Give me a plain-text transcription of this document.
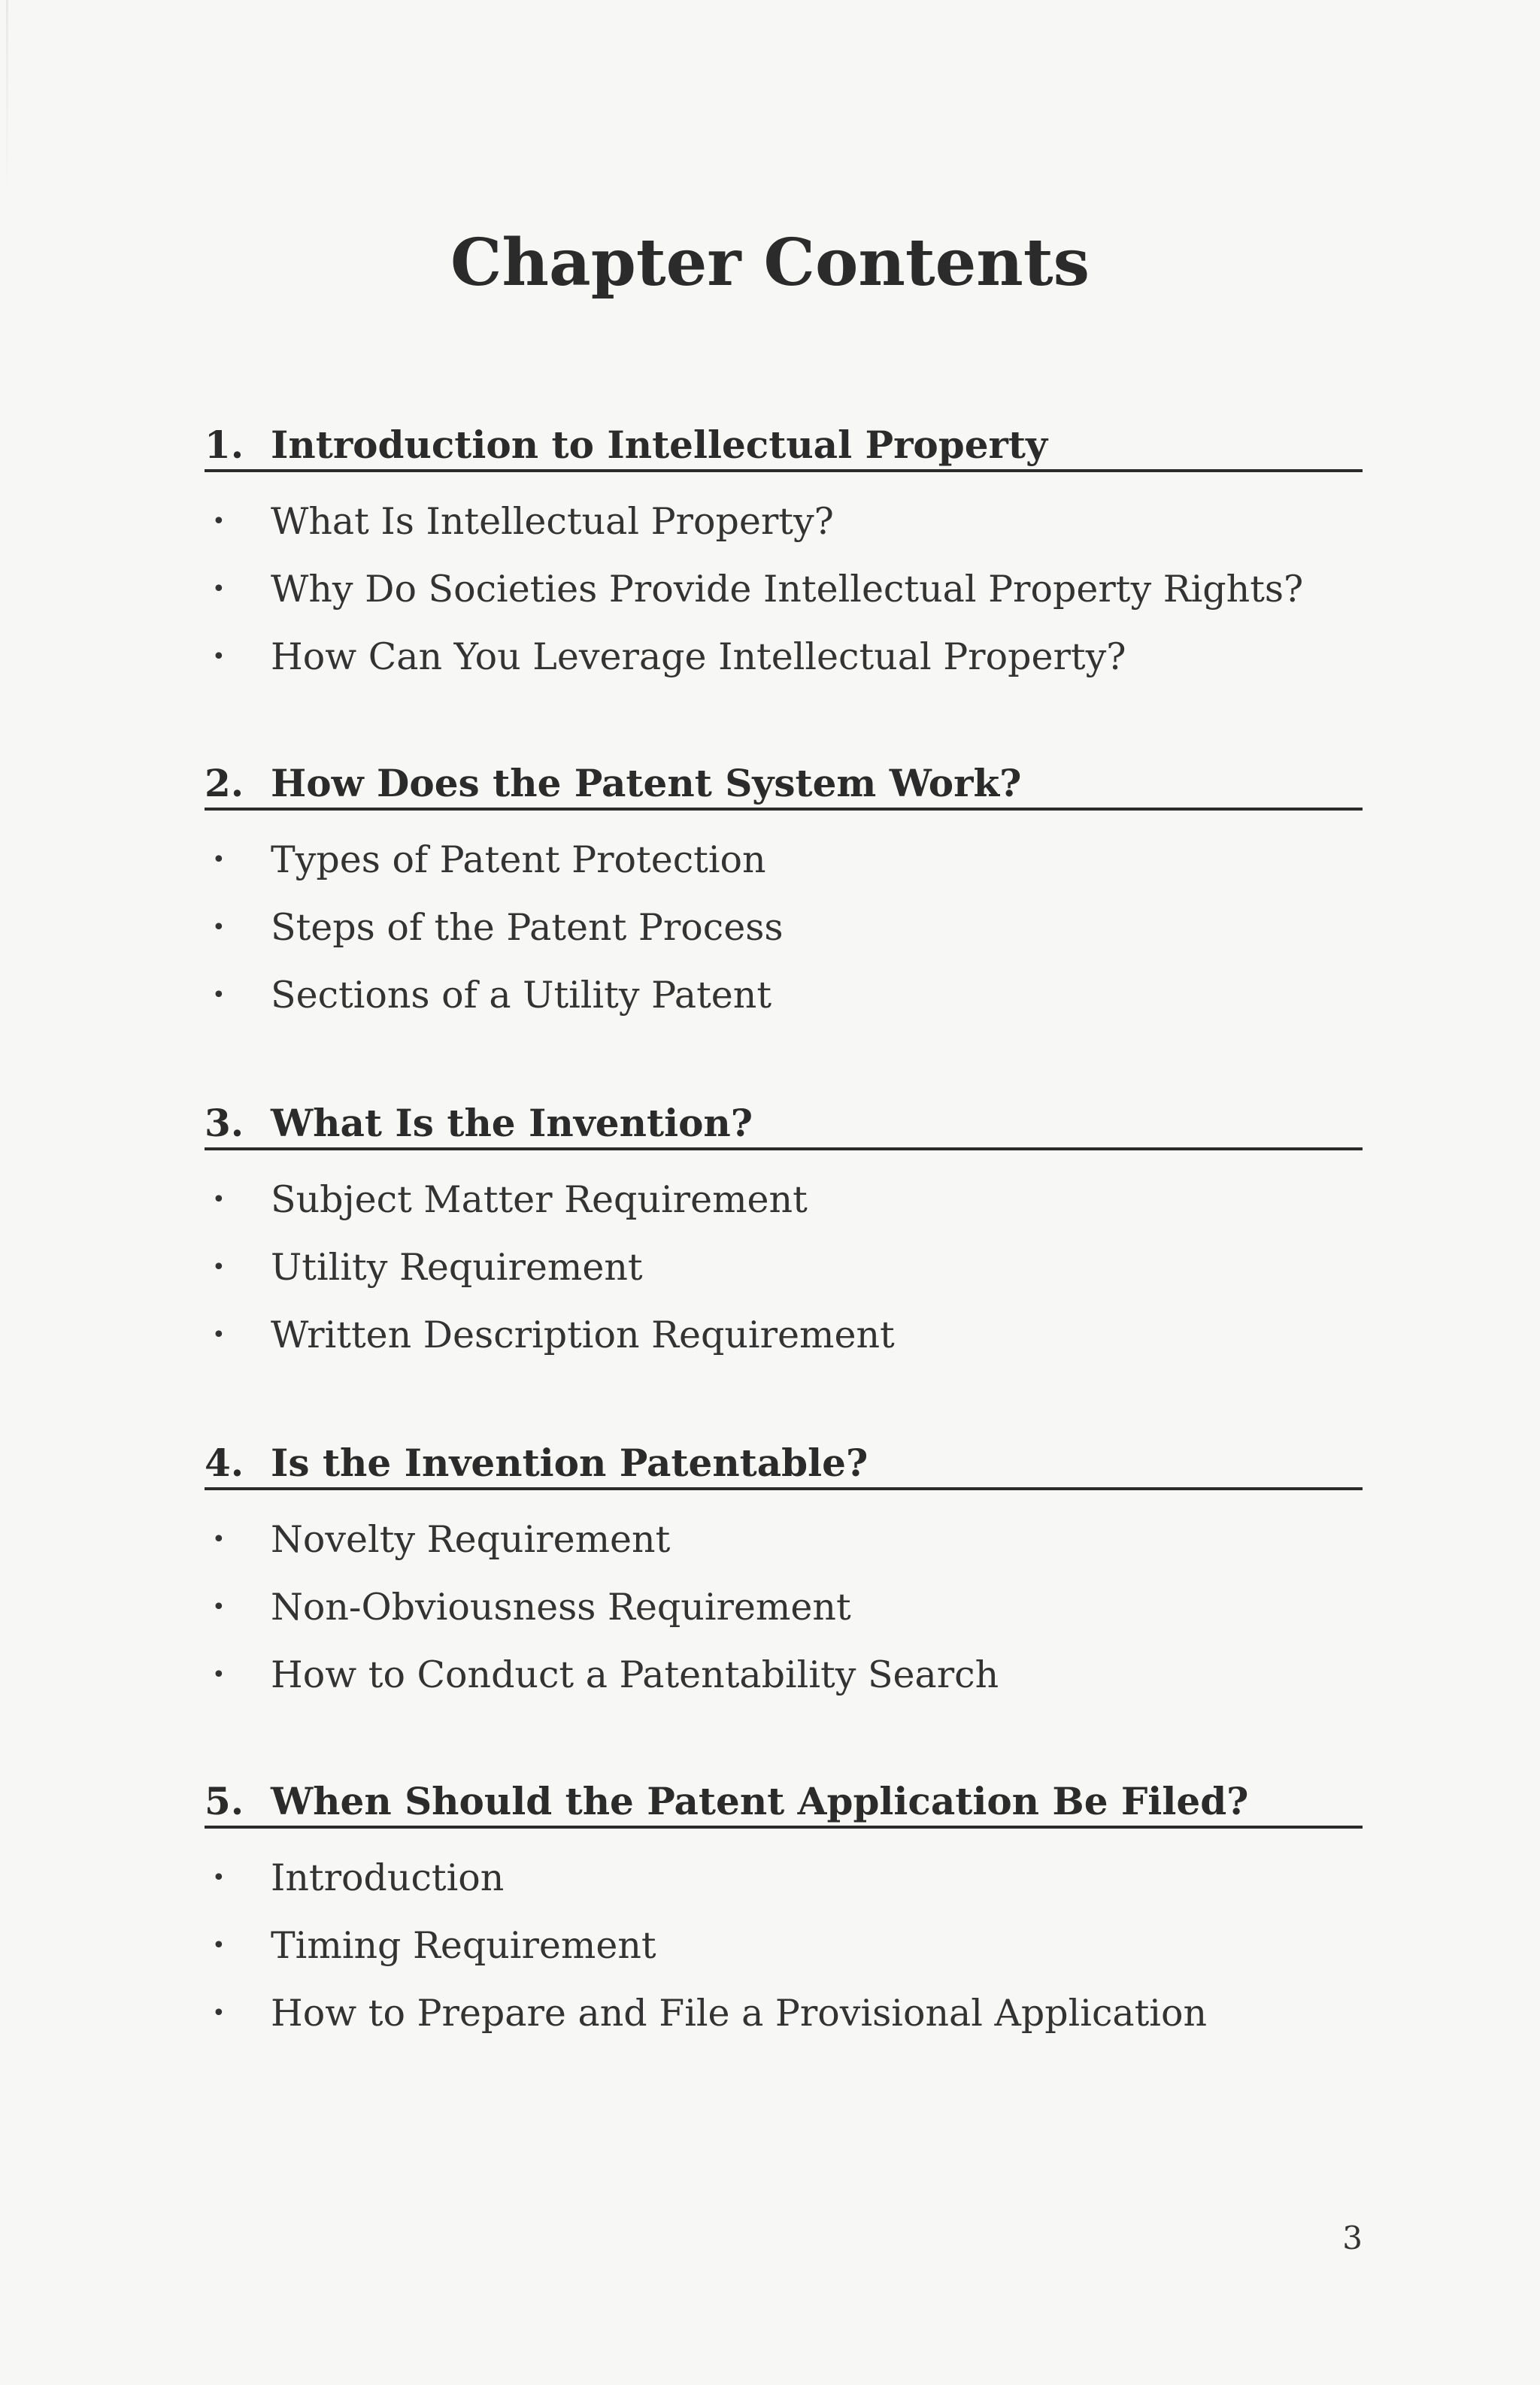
Chapter Contents
1. Introduction to Intellectual Property
•	What Is Intellectual Property?
•	Why Do Societies Provide Intellectual Property Rights?
•	How Can You Leverage Intellectual Property?
2. How Does the Patent System Work?
•	Types of Patent Protection
•	Steps of the Patent Process
•	Sections of a Utility Patent
3. What Is the Invention?
•	Subject Matter Requirement
•	Utility Requirement
•	Written Description Requirement
4. Is the Invention Patentable?
•	Novelty Requirement
•	Non-Obviousness Requirement
•	How to Conduct a Patentability Search
5. When Should the Patent Application Be Filed?
•	Introduction
•	Timing Requirement
•	How to Prepare and File a Provisional Application
3
